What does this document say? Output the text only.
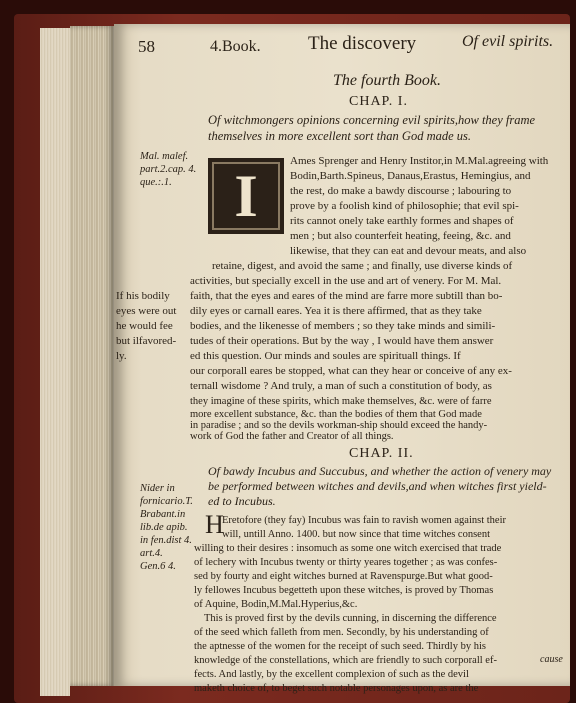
58	4.Book. The discovery	Of evil spirits.
The fourth Book.
CHAP. I.
Of witchmongers opinions concerning evil spirits,how they frame
themselves in more excellent sort than God made us.
Mal. malef.
part.2.cap. 4.
que.:.1. I
Ames Sprenger and Henry Institor,in M.Mal.agreeing with
Bodin,Barth.Spineus, Danaus,Erastus, Hemingius, and
the rest, do make a bawdy discourse ; labouring to
prove by a foolish kind of philosophie; that evil spi-
rits cannot onely take earthly formes and shapes of
men ; but also counterfeit heating, feeing, &c. and
likewise, that they can eat and devour meats, and also
retaine, digest, and avoid the same ; and finally, use diverse kinds of
activities, but specially excell in the use and art of venery. For M. Mal.
faith, that the eyes and eares of the mind are farre more subtill than bo-
dily eyes or carnall eares. Yea it is there affirmed, that as they take
bodies, and the likenesse of members ; so they take minds and simili-
tudes of their operations. But by the way , I would have them answer
ed this question. Our minds and soules are spirituall things. If
our corporall eares be stopped, what can they hear or conceive of any ex-
ternall wisdome ? And truly, a man of such a constitution of body, as
they imagine of these spirits, which make themselves, &c. were of farre
more excellent substance, &c. than the bodies of them that God made
in paradise ; and so the devils workman-ship should exceed the handy-
work of God the father and Creator of all things.
If his bodily
eyes were out
he would fee
but ilfavored-
ly.
CHAP. II.
Of bawdy Incubus and Succubus, and whether the action of venery may
be performed between witches and devils,and when witches first yield-
ed to Incubus.
Nider in
fornicario.T.
Brabant.in
lib.de apib.
in fen.dist 4.
art.4.
Gen.6 4.
H
Eretofore (they fay) Incubus was fain to ravish women against their
will, untill Anno. 1400. but now since that time witches consent
willing to their desires : insomuch as some one witch exercised that trade
of lechery with Incubus twenty or thirty yeares together ; as was confes-
sed by fourty and eight witches burned at Ravenspurge.But what good-
ly fellowes Incubus begetteth upon these witches, is proved by Thomas
of Aquine, Bodin,M.Mal.Hyperius,&c.
This is proved first by the devils cunning, in discerning the difference
of the seed which falleth from men. Secondly, by his understanding of
the aptnesse of the women for the receipt of such seed. Thirdly by his
knowledge of the constellations, which are friendly to such corporall ef-
fects. And lastly, by the excellent complexion of such as the devil
maketh choice of, to beget such notable personages upon, as are the
cause
